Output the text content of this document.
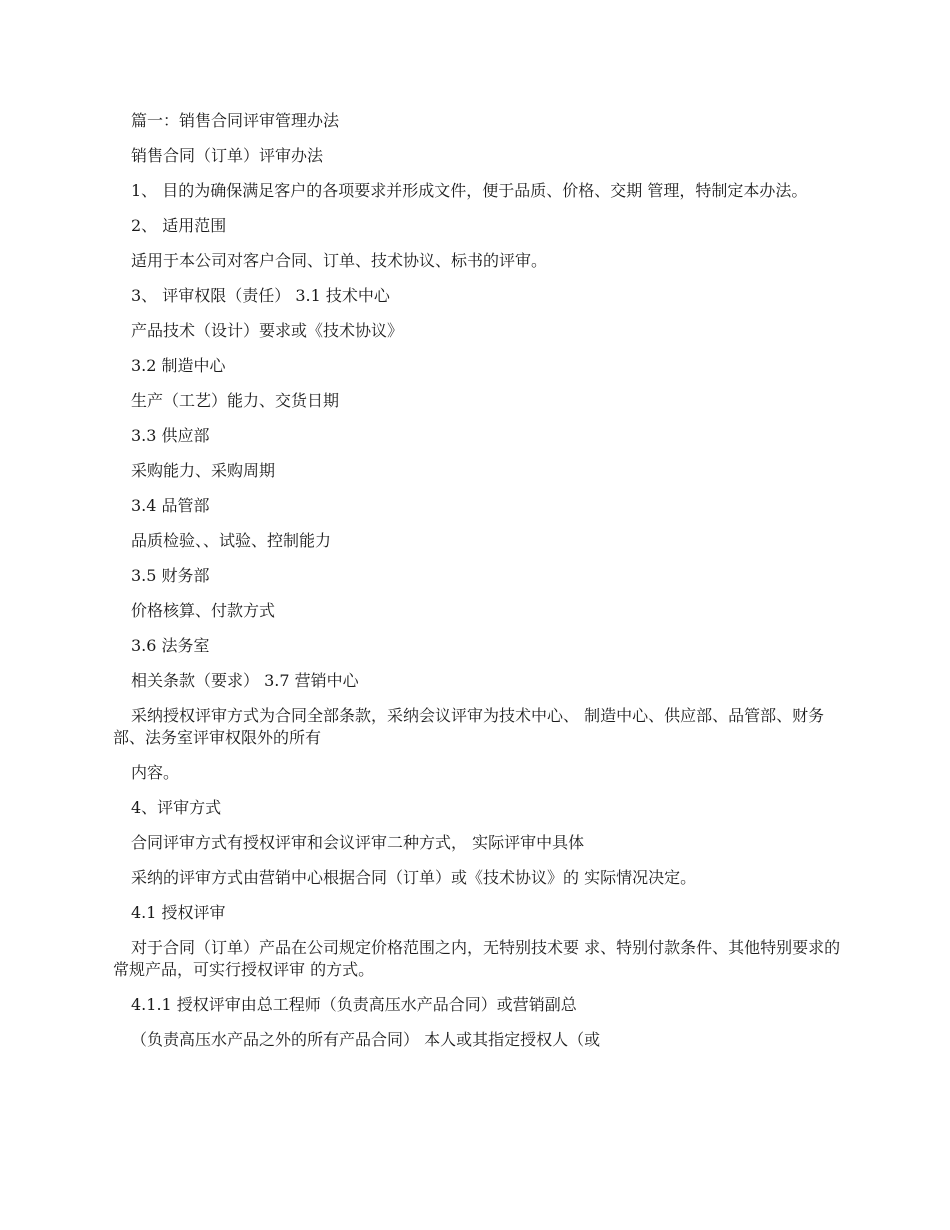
篇一：销售合同评审管理办法

销售合同（订单）评审办法

1、 目的为确保满足客户的各项要求并形成文件，便于品质、价格、交期 管理，特制定本办法。

2、 适用范围

适用于本公司对客户合同、订单、技术协议、标书的评审。

3、 评审权限（责任） 3.1 技术中心

产品技术（设计）要求或《技术协议》

3.2 制造中心

生产（工艺）能力、交货日期

3.3 供应部

采购能力、采购周期

3.4 品管部

品质检验、、试验、控制能力

3.5 财务部

价格核算、付款方式

3.6 法务室

相关条款（要求） 3.7 营销中心

采纳授权评审方式为合同全部条款，采纳会议评审为技术中心、 制造中心、供应部、品管部、财务部、法务室评审权限外的所有

内容。

4、评审方式

合同评审方式有授权评审和会议评审二种方式， 实际评审中具体

采纳的评审方式由营销中心根据合同（订单）或《技术协议》的 实际情况决定。

4.1 授权评审

对于合同（订单）产品在公司规定价格范围之内，无特别技术要 求、特别付款条件、其他特别要求的常规产品，可实行授权评审 的方式。

4.1.1 授权评审由总工程师（负责高压水产品合同）或营销副总

（负责高压水产品之外的所有产品合同） 本人或其指定授权人（或
